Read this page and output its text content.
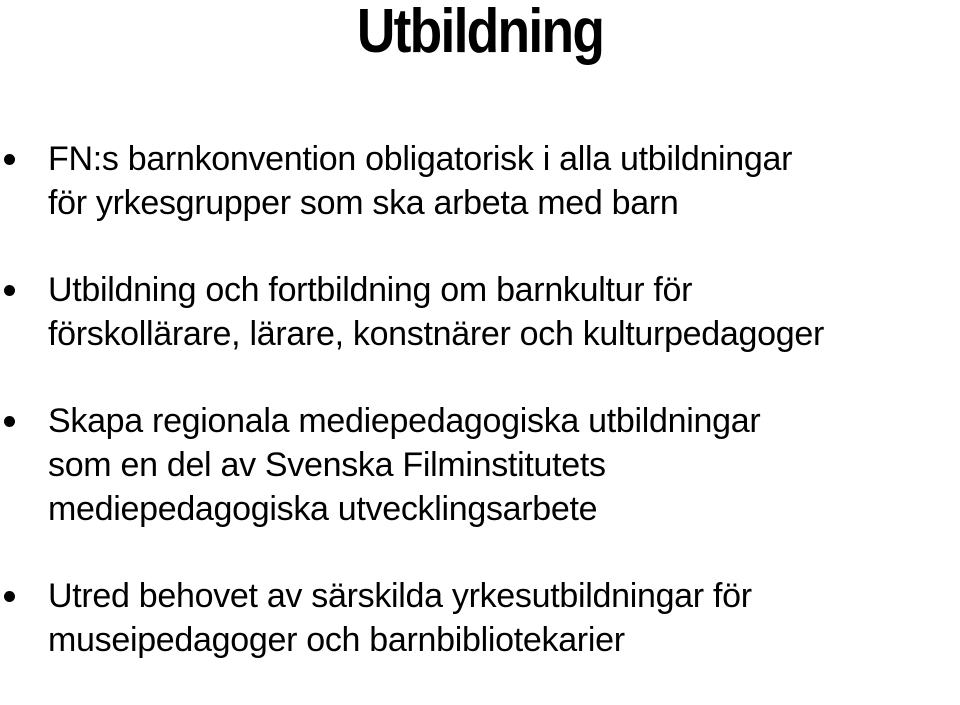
Utbildning
FN:s barnkonvention obligatorisk i alla utbildningar
för yrkesgrupper som ska arbeta med barn
Utbildning och fortbildning om barnkultur för
förskollärare, lärare, konstnärer och kulturpedagoger
Skapa regionala mediepedagogiska utbildningar
som en del av Svenska Filminstitutets
mediepedagogiska utvecklingsarbete
Utred behovet av särskilda yrkesutbildningar för
museipedagoger och barnbibliotekarier
